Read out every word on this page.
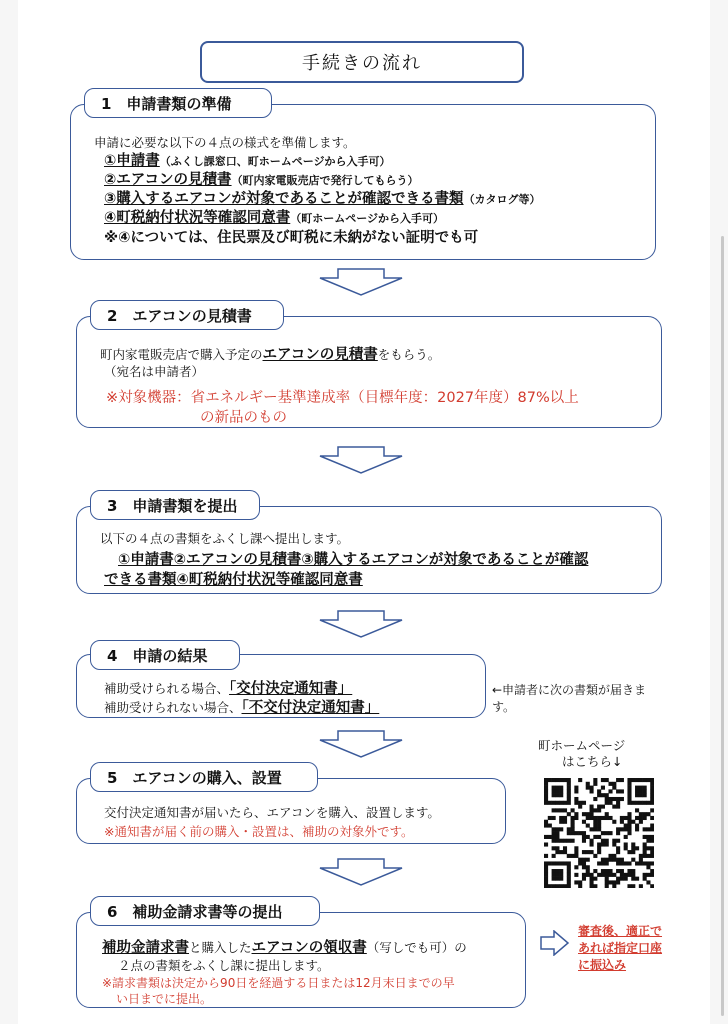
手続きの流れ
1　申請書類の準備
申請に必要な以下の４点の様式を準備します。
①申請書（ふくし課窓口、町ホームページから入手可）
②エアコンの見積書（町内家電販売店で発行してもらう）
③購入するエアコンが対象であることが確認できる書類（カタログ等）
④町税納付状況等確認同意書（町ホームページから入手可）
※④については、住民票及び町税に未納がない証明でも可
2　エアコンの見積書
町内家電販売店で購入予定のエアコンの見積書をもらう。
（宛名は申請者）
※対象機器：省エネルギー基準達成率（目標年度：2027年度）87%以上
の新品のもの
3　申請書類を提出
以下の４点の書類をふくし課へ提出します。
①申請書②エアコンの見積書③購入するエアコンが対象であることが確認
できる書類④町税納付状況等確認同意書
4　申請の結果
補助受けられる場合、「交付決定通知書」
補助受けられない場合、「不交付決定通知書」
←申請者に次の書類が届きま
す。
5　エアコンの購入、設置
交付決定通知書が届いたら、エアコンを購入、設置します。
※通知書が届く前の購入・設置は、補助の対象外です。
町ホームページ
はこちら↓
6　補助金請求書等の提出
補助金請求書と購入したエアコンの領収書（写しでも可）の
２点の書類をふくし課に提出します。
※請求書類は決定から90日を経過する日または12月末日までの早
い日までに提出。
審査後、適正で
あれば指定口座
に振込み
